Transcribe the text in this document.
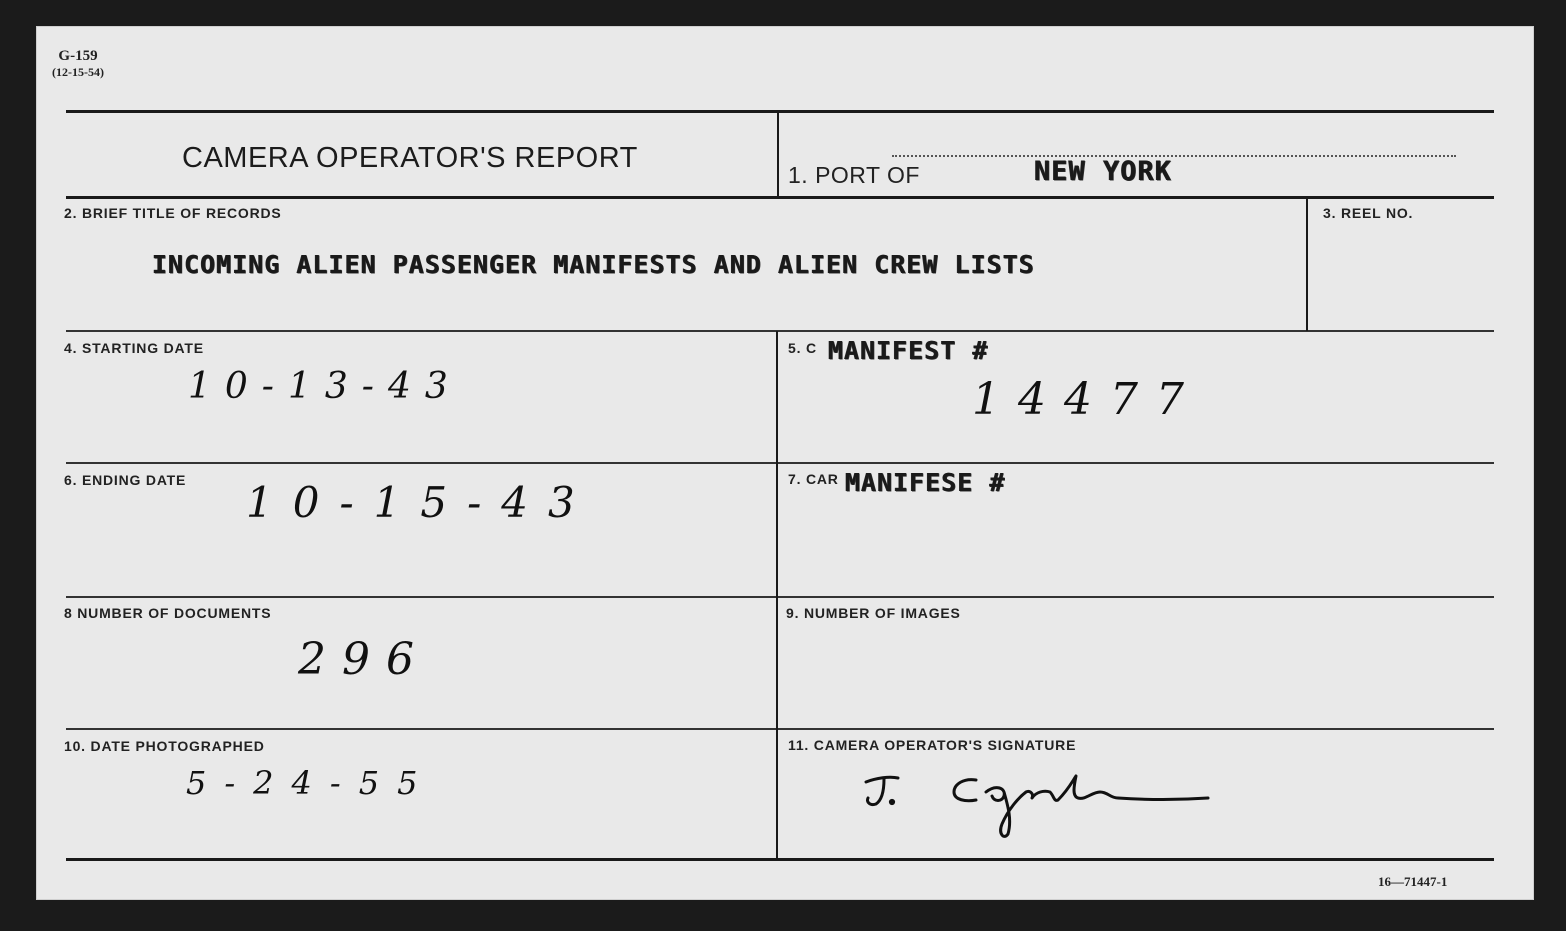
G-159
(12-15-54)
CAMERA OPERATOR'S REPORT
1. PORT OF	NEW YORK
2. BRIEF TITLE OF RECORDS
INCOMING ALIEN PASSENGER MANIFESTS AND ALIEN CREW LISTS
3. REEL NO.
4. STARTING DATE
10-13-43
5. C MANIFEST #
14477
6. ENDING DATE 10-15-43	7. CAR MANIFESE #
8 NUMBER OF DOCUMENTS
296
9. NUMBER OF IMAGES
10. DATE PHOTOGRAPHED
5-24-55
11. CAMERA OPERATOR'S SIGNATURE
16—71447-1
